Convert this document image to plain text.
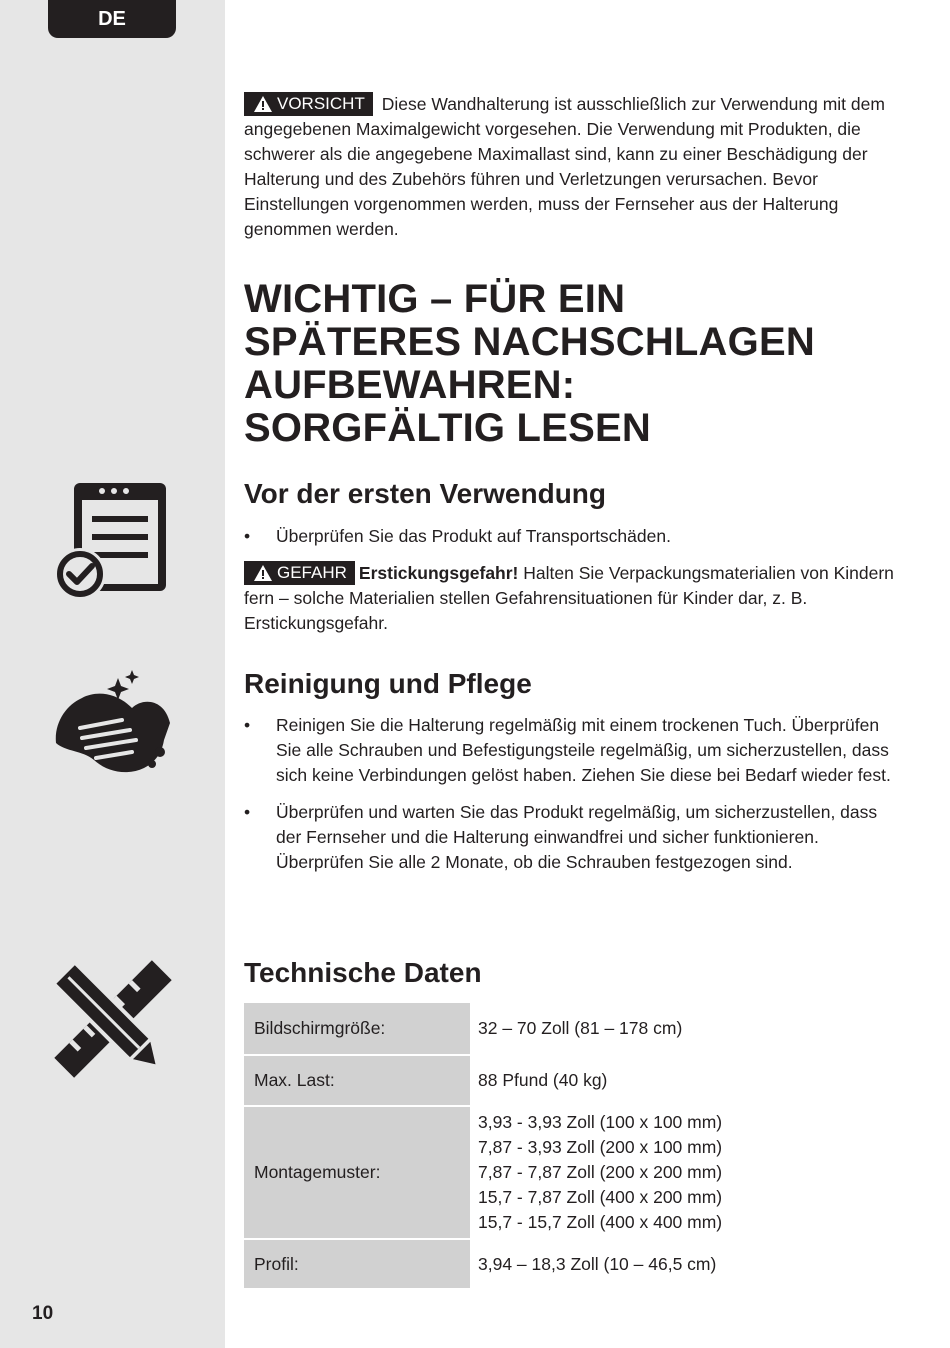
DE
10
VORSICHT Diese Wandhalterung ist ausschließlich zur Verwendung mit dem angegebenen Maximalgewicht vorgesehen. Die Verwendung mit Produkten, die schwerer als die angegebene Maximallast sind, kann zu einer Beschädigung der Halterung und des Zubehörs führen und Verletzungen verursachen. Bevor Einstellungen vorgenommen werden, muss der Fernseher aus der Halterung genommen werden.
WICHTIG – FÜR EIN
SPÄTERES NACHSCHLAGEN
AUFBEWAHREN:
SORGFÄLTIG LESEN
Vor der ersten Verwendung
• Überprüfen Sie das Produkt auf Transportschäden.
GEFAHR Erstickungsgefahr! Halten Sie Verpackungsmaterialien von Kindern fern – solche Materialien stellen Gefahrensituationen für Kinder dar, z. B. Erstickungsgefahr.
Reinigung und Pflege
• Reinigen Sie die Halterung regelmäßig mit einem trockenen Tuch. Überprüfen Sie alle Schrauben und Befestigungsteile regelmäßig, um sicherzustellen, dass sich keine Verbindungen gelöst haben. Ziehen Sie diese bei Bedarf wieder fest.
• Überprüfen und warten Sie das Produkt regelmäßig, um sicherzustellen, dass der Fernseher und die Halterung einwandfrei und sicher funktionieren. Überprüfen Sie alle 2 Monate, ob die Schrauben festgezogen sind.
Technische Daten
Bildschirmgröße:	32 – 70 Zoll (81 – 178 cm)

Max. Last:	88 Pfund (40 kg)

Montagemuster:	3,93 - 3,93 Zoll (100 x 100 mm)
7,87 - 3,93 Zoll (200 x 100 mm)
7,87 - 7,87 Zoll (200 x 200 mm)
15,7 - 7,87 Zoll (400 x 200 mm)
15,7 - 15,7 Zoll (400 x 400 mm)

Profil:	3,94 – 18,3 Zoll (10 – 46,5 cm)
